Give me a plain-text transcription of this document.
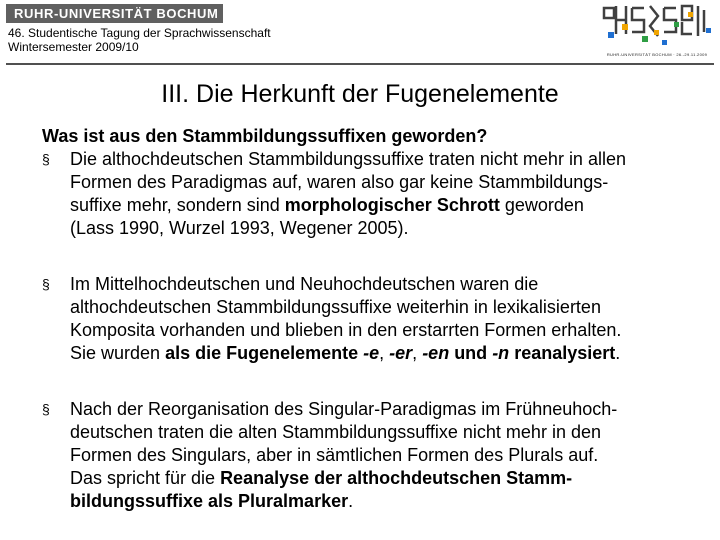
RUHR-UNIVERSITÄT BOCHUM
46. Studentische Tagung der Sprachwissenschaft
Wintersemester 2009/10
RUHR-UNIVERSITÄT BOCHUM · 26.-29.11.2009
III. Die Herkunft der Fugenelemente
Was ist aus den Stammbildungssuffixen geworden?
§	Die althochdeutschen Stammbildungssuffixe traten nicht mehr in allen
Formen des Paradigmas auf, waren also gar keine Stammbildungs-
suffixe mehr, sondern sind morphologischer Schrott geworden
(Lass 1990, Wurzel 1993, Wegener 2005).
§	Im Mittelhochdeutschen und Neuhochdeutschen waren die
althochdeutschen Stammbildungssuffixe weiterhin in lexikalisierten
Komposita vorhanden und blieben in den erstarrten Formen erhalten.
Sie wurden als die Fugenelemente -e, -er, -en und -n reanalysiert.
§	Nach der Reorganisation des Singular-Paradigmas im Frühneuhoch-
deutschen traten die alten Stammbildungssuffixe nicht mehr in den
Formen des Singulars, aber in sämtlichen Formen des Plurals auf.
Das spricht für die Reanalyse der althochdeutschen Stamm-
bildungssuffixe als Pluralmarker.
